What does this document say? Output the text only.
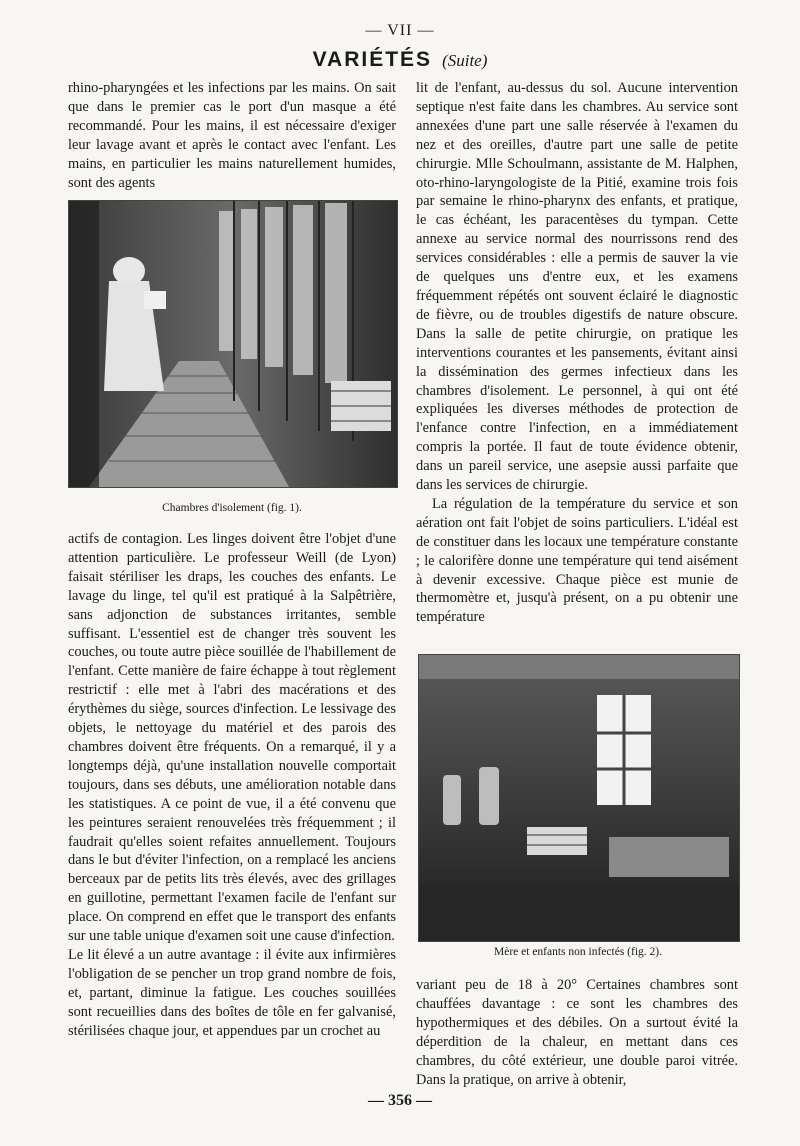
— VII —
VARIÉTÉS (Suite)

rhino-pharyngées et les infections par les mains. On sait que dans le premier cas le port d'un masque a été recommandé. Pour les mains, il est nécessaire d'exiger leur lavage avant et après le contact avec l'enfant. Les mains, en particulier les mains naturellement humides, sont des agents

Chambres d'isolement (fig. 1).

actifs de contagion. Les linges doivent être l'objet d'une attention particulière. Le professeur Weill (de Lyon) faisait stériliser les draps, les couches des enfants. Le lavage du linge, tel qu'il est pratiqué à la Salpêtrière, sans adjonction de substances irritantes, semble suffisant. L'essentiel est de changer très souvent les couches, ou toute autre pièce souillée de l'habillement de l'enfant. Cette manière de faire échappe à tout règlement restrictif : elle met à l'abri des macérations et des érythèmes du siège, sources d'infection. Le lessivage des objets, le nettoyage du matériel et des parois des chambres doivent être fréquents. On a remarqué, il y a longtemps déjà, qu'une installation nouvelle comportait toujours, dans ses débuts, une amélioration notable dans les statistiques. A ce point de vue, il a été convenu que les peintures seraient renouvelées très fréquemment ; il faudrait qu'elles soient refaites annuellement. Toujours dans le but d'éviter l'infection, on a remplacé les anciens berceaux par de petits lits très élevés, avec des grillages en guillotine, permettant l'examen facile de l'enfant sur place. On comprend en effet que le transport des enfants sur une table unique d'examen soit une cause d'infection.

Le lit élevé a un autre avantage : il évite aux infirmières l'obligation de se pencher un trop grand nombre de fois, et, partant, diminue la fatigue. Les couches souillées sont recueillies dans des boîtes de tôle en fer galvanisé, stérilisées chaque jour, et appendues par un crochet au

lit de l'enfant, au-dessus du sol. Aucune intervention septique n'est faite dans les chambres. Au service sont annexées d'une part une salle réservée à l'examen du nez et des oreilles, d'autre part une salle de petite chirurgie. Mlle Schoulmann, assistante de M. Halphen, oto-rhino-laryngologiste de la Pitié, examine trois fois par semaine le rhino-pharynx des enfants, et pratique, le cas échéant, les paracentèses du tympan. Cette annexe au service normal des nourrissons rend des services considérables : elle a permis de sauver la vie de quelques uns d'entre eux, et les examens fréquemment répétés ont souvent éclairé le diagnostic de fièvre, ou de troubles digestifs de nature obscure. Dans la salle de petite chirurgie, on pratique les interventions courantes et les pansements, évitant ainsi la dissémination des germes infectieux dans les chambres d'isolement. Le personnel, à qui ont été expliquées les diverses méthodes de protection de l'enfance contre l'infection, en a immédiatement compris la portée. Il faut de toute évidence obtenir, dans un pareil service, une asepsie aussi parfaite que dans les services de chirurgie.

La régulation de la température du service et son aération ont fait l'objet de soins particuliers. L'idéal est de constituer dans les locaux une température constante ; le calorifère donne une température qui tend aisément à devenir excessive. Chaque pièce est munie de thermomètre et, jusqu'à présent, on a pu obtenir une température

Mère et enfants non infectés (fig. 2).

variant peu de 18 à 20° Certaines chambres sont chauffées davantage : ce sont les chambres des hypothermiques et des débiles. On a surtout évité la déperdition de la chaleur, en mettant dans ces chambres, du côté extérieur, une double paroi vitrée. Dans la pratique, on arrive à obtenir,

— 356 —
